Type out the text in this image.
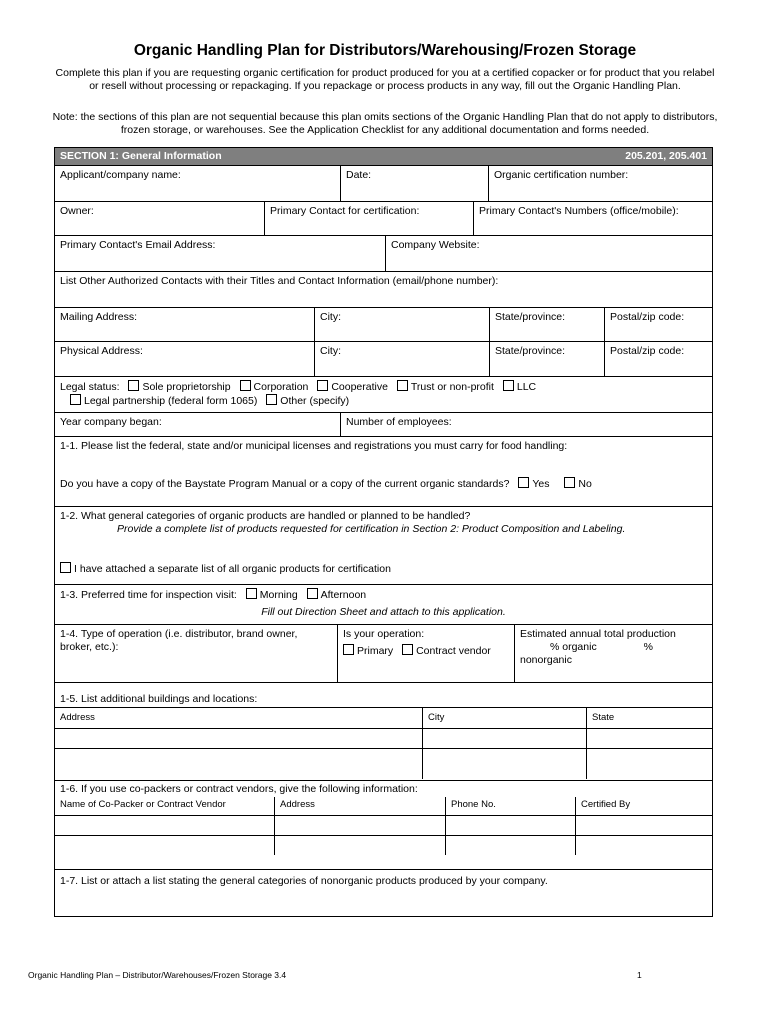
Organic Handling Plan for Distributors/Warehousing/Frozen Storage
Complete this plan if you are requesting organic certification for product produced for you at a certified copacker or for product that you relabel or resell without processing or repackaging. If you repackage or process products in any way, fill out the Organic Handling Plan.
Note: the sections of this plan are not sequential because this plan omits sections of the Organic Handling Plan that do not apply to distributors, frozen storage, or warehouses. See the Application Checklist for any additional documentation and forms needed.
SECTION 1: General Information	205.201, 205.401
Applicant/company name:	Date:	Organic certification number:
Owner:	Primary Contact for certification:	Primary Contact's Numbers (office/mobile):
Primary Contact's Email Address:	Company Website:
List Other Authorized Contacts with their Titles and Contact Information (email/phone number):
Mailing Address:	City:	State/province:	Postal/zip code:
Physical Address:	City:	State/province:	Postal/zip code:
Legal status: Sole proprietorship Corporation Cooperative Trust or non-profit LLC
Legal partnership (federal form 1065) Other (specify)
Year company began:	Number of employees:
1-1. Please list the federal, state and/or municipal licenses and registrations you must carry for food handling:
Do you have a copy of the Baystate Program Manual or a copy of the current organic standards? Yes	No
1-2. What general categories of organic products are handled or planned to be handled?
Provide a complete list of products requested for certification in Section 2: Product Composition and Labeling.
I have attached a separate list of all organic products for certification
1-3. Preferred time for inspection visit: Morning Afternoon
Fill out Direction Sheet and attach to this application.
1-4. Type of operation (i.e. distributor, brand owner, broker, etc.):
Is your operation:
Primary Contract vendor
Estimated annual total production
% organic	%
nonorganic
1-5. List additional buildings and locations:
Address	City	State
1-6. If you use co-packers or contract vendors, give the following information:
Name of Co-Packer or Contract Vendor	Address	Phone No.	Certified By
1-7. List or attach a list stating the general categories of nonorganic products produced by your company.
Organic Handling Plan – Distributor/Warehouses/Frozen Storage 3.4	1
